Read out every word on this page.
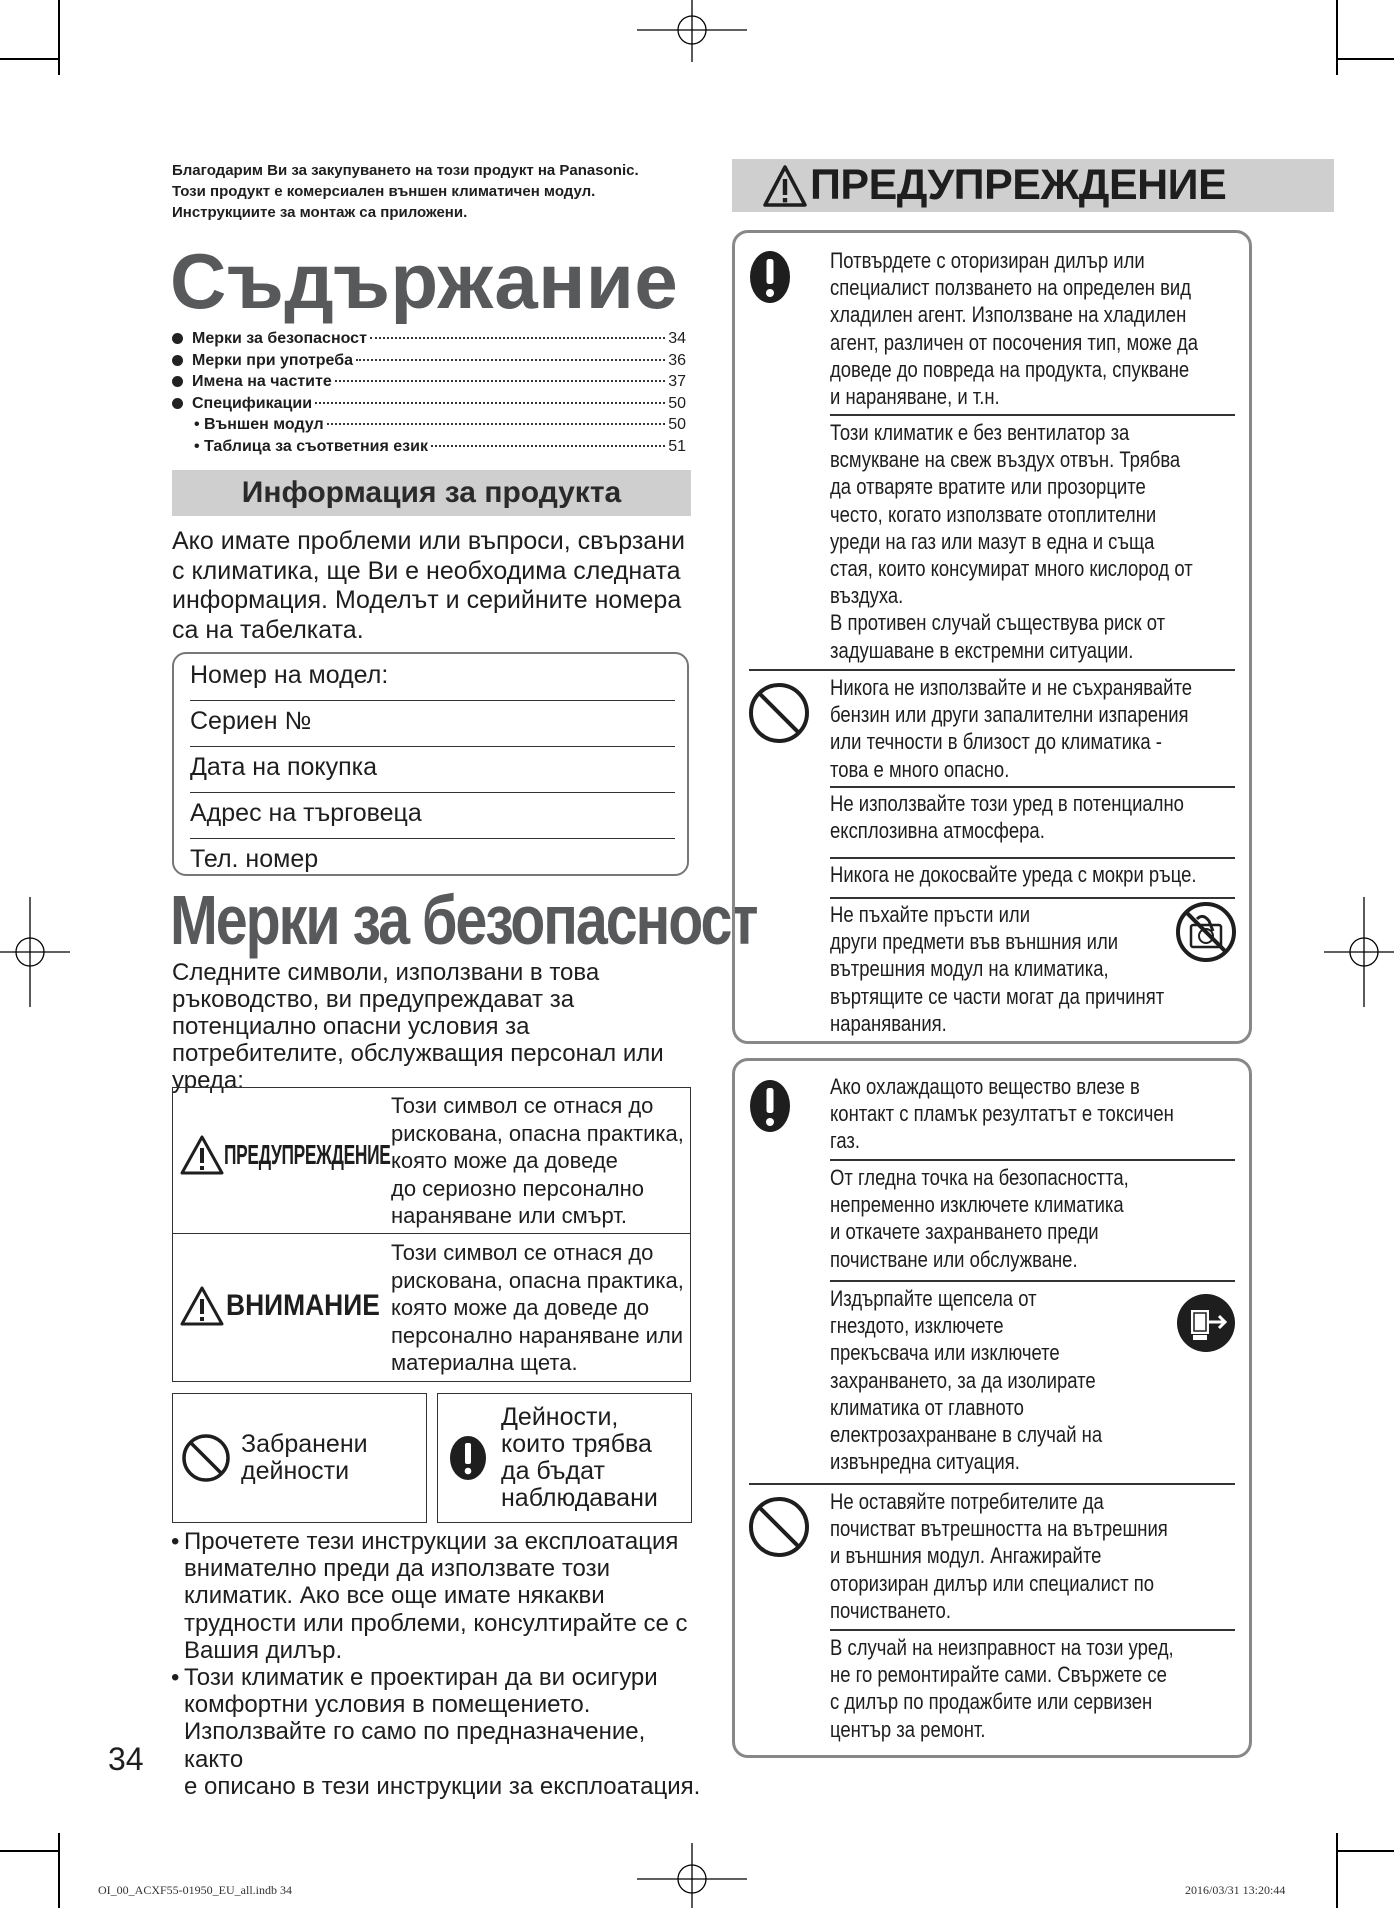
Благодарим Ви за закупуването на този продукт на Panasonic.
Този продукт е комерсиален външен климатичен модул.
Инструкциите за монтаж са приложени.
Съдържание
Мерки за безопасност	34
Мерки при употреба	36
Имена на частите	37
Спецификации	50
• Външен модул	50
• Таблица за съответния език	51
Информация за продукта
Ако имате проблеми или въпроси, свързани с климатика, ще Ви е необходима следната информация. Моделът и серийните номера са на табелката.
Номер на модел:
Сериен №
Дата на покупка
Адрес на търговеца
Тел. номер
Мерки за безопасност
Следните символи, използвани в това ръководство, ви предупреждават за потенциално опасни условия за потребителите, обслужващия персонал или уреда:
ПРЕДУПРЕЖДЕНИЕ
Този символ се отнася до
рискована, опасна практика,
която може да доведе
до сериозно персонално
нараняване или смърт.
ВНИМАНИЕ
Този символ се отнася до
рискована, опасна практика,
която може да доведе до
персонално нараняване или
материална щета.
Забранени
дейности
Дейности,
които трябва
да бъдат
наблюдавани
• Прочетете тези инструкции за експлоатация
внимателно преди да използвате този
климатик. Ако все още имате някакви
трудности или проблеми, консултирайте се с
Вашия дилър.
• Този климатик е проектиран да ви осигури
комфортни условия в помещението.
Използвайте го само по предназначение, както
е описано в тези инструкции за експлоатация.
34
ПРЕДУПРЕЖДЕНИЕ
Потвърдете с оторизиран дилър или
специалист ползването на определен вид
хладилен агент. Използване на хладилен
агент, различен от посочения тип, може да
доведе до повреда на продукта, спукване
и нараняване, и т.н.
Този климатик е без вентилатор за
всмукване на свеж въздух отвън. Трябва
да отваряте вратите или прозорците
често, когато използвате отоплителни
уреди на газ или мазут в една и съща
стая, които консумират много кислород от
въздуха.
В противен случай съществува риск от
задушаване в екстремни ситуации.
Никога не използвайте и не съхранявайте
бензин или други запалителни изпарения
или течности в близост до климатика -
това е много опасно.
Не използвайте този уред в потенциално
експлозивна атмосфера.
Никога не докосвайте уреда с мокри ръце.
Не пъхайте пръсти или
други предмети във външния или
вътрешния модул на климатика,
въртящите се части могат да причинят
наранявания.
Ако охлаждащото вещество влезе в
контакт с пламък резултатът е токсичен
газ.
От гледна точка на безопасността,
непременно изключете климатика
и откачете захранването преди
почистване или обслужване.
Издърпайте щепсела от
гнездото, изключете
прекъсвача или изключете
захранването, за да изолирате
климатика от главното
електрозахранване в случай на
извънредна ситуация.
Не оставяйте потребителите да
почистват вътрешността на вътрешния
и външния модул. Ангажирайте
оторизиран дилър или специалист по
почистването.
В случай на неизправност на този уред,
не го ремонтирайте сами. Свържете се
с дилър по продажбите или сервизен
център за ремонт.
OI_00_ACXF55-01950_EU_all.indb 34	2016/03/31 13:20:44
